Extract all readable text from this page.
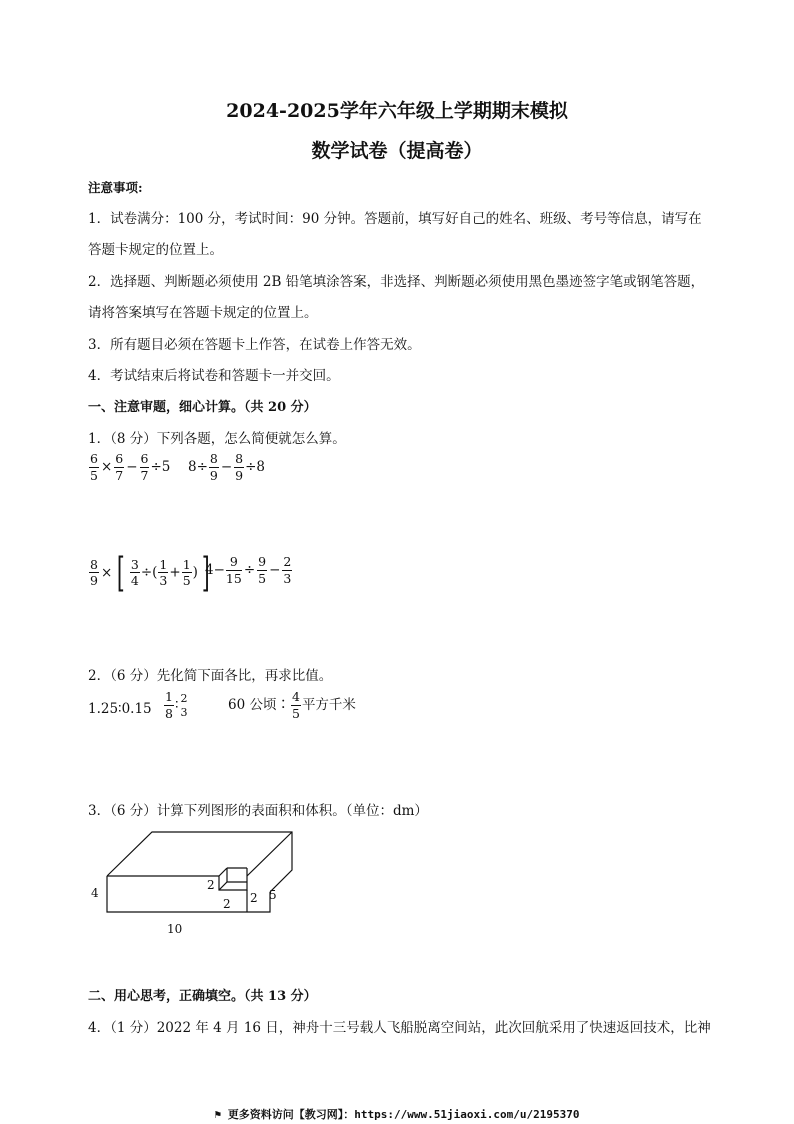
2024-2025学年六年级上学期期末模拟
数学试卷（提高卷）
注意事项:
1．试卷满分：100 分，考试时间：90 分钟。答题前，填写好自己的姓名、班级、考号等信息，请写在
答题卡规定的位置上。
2．选择题、判断题必须使用 2B 铅笔填涂答案，非选择、判断题必须使用黑色墨迹签字笔或钢笔答题，
请将答案填写在答题卡规定的位置上。
3．所有题目必须在答题卡上作答，在试卷上作答无效。
4．考试结束后将试卷和答题卡一并交回。
一、注意审题，细心计算。（共 20 分）
1．（8 分）下列各题，怎么简便就怎么算。
$\frac{6}{5} \times \frac{6}{7} - \frac{6}{7} \div 5$ $8\div \frac{8}{9} - \frac{8}{9} \div 8$
$\frac{8}{9}$ × [ $\frac{3}{4}$ ÷( $\frac{1}{3} + \frac{1}{5}$ )]
$4- \frac{9}{15} \div \frac{9}{5} - \frac{2}{3}$
2．（6 分）先化简下面各比，再求比值。
1.25∶0.15 $\frac{1}{8}$ ∶ 2
3	60 公顷∶ $\frac{4}{5}$ 平方千米
3．（6 分）计算下列图形的表面积和体积。（单位：dm）
4
10
5
2
2 2
二、用心思考，正确填空。（共 13 分）
4．（1 分）2022 年 4 月 16 日，神舟十三号载人飞船脱离空间站，此次回航采用了快速返回技术，比神
⚑ 更多资料访问【教习网】：https://www.51jiaoxi.com/u/2195370
